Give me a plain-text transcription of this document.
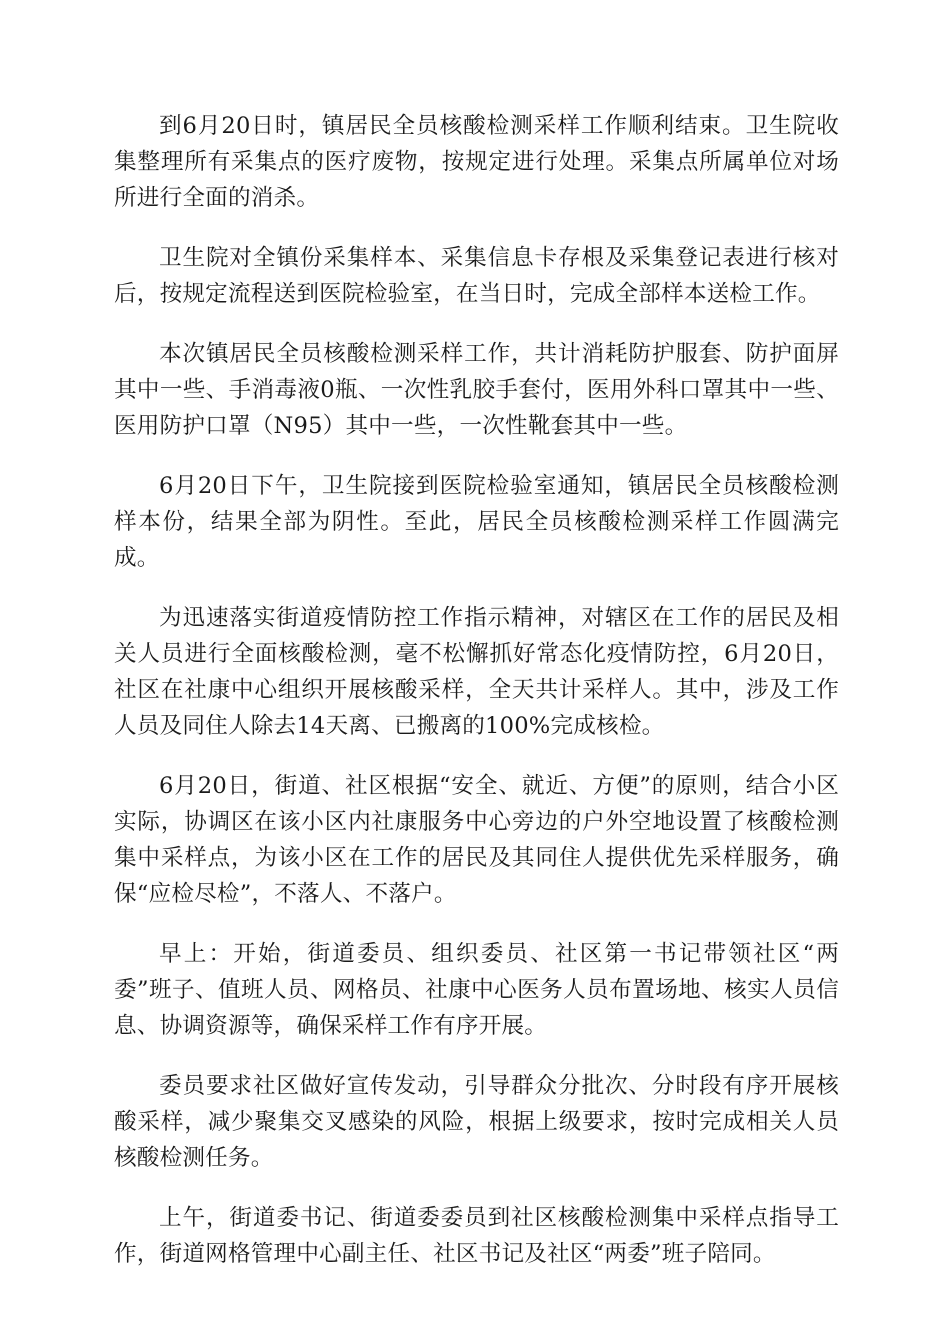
到6月20日时，镇居民全员核酸检测采样工作顺利结束。卫生院收集整理所有采集点的医疗废物，按规定进行处理。采集点所属单位对场所进行全面的消杀。

卫生院对全镇份采集样本、采集信息卡存根及采集登记表进行核对后，按规定流程送到医院检验室，在当日时，完成全部样本送检工作。

本次镇居民全员核酸检测采样工作，共计消耗防护服套、防护面屏其中一些、手消毒液0瓶、一次性乳胶手套付，医用外科口罩其中一些、医用防护口罩（N95）其中一些，一次性靴套其中一些。

6月20日下午，卫生院接到医院检验室通知，镇居民全员核酸检测样本份，结果全部为阴性。至此，居民全员核酸检测采样工作圆满完成。

为迅速落实街道疫情防控工作指示精神，对辖区在工作的居民及相关人员进行全面核酸检测，毫不松懈抓好常态化疫情防控，6月20日，社区在社康中心组织开展核酸采样，全天共计采样人。其中，涉及工作人员及同住人除去14天离、已搬离的100%完成核检。

6月20日，街道、社区根据“安全、就近、方便”的原则，结合小区实际，协调区在该小区内社康服务中心旁边的户外空地设置了核酸检测集中采样点，为该小区在工作的居民及其同住人提供优先采样服务，确保“应检尽检”，不落人、不落户。

早上：开始，街道委员、组织委员、社区第一书记带领社区“两委”班子、值班人员、网格员、社康中心医务人员布置场地、核实人员信息、协调资源等，确保采样工作有序开展。

委员要求社区做好宣传发动，引导群众分批次、分时段有序开展核酸采样，减少聚集交叉感染的风险，根据上级要求，按时完成相关人员核酸检测任务。

上午，街道委书记、街道委委员到社区核酸检测集中采样点指导工作，街道网格管理中心副主任、社区书记及社区“两委”班子陪同。
